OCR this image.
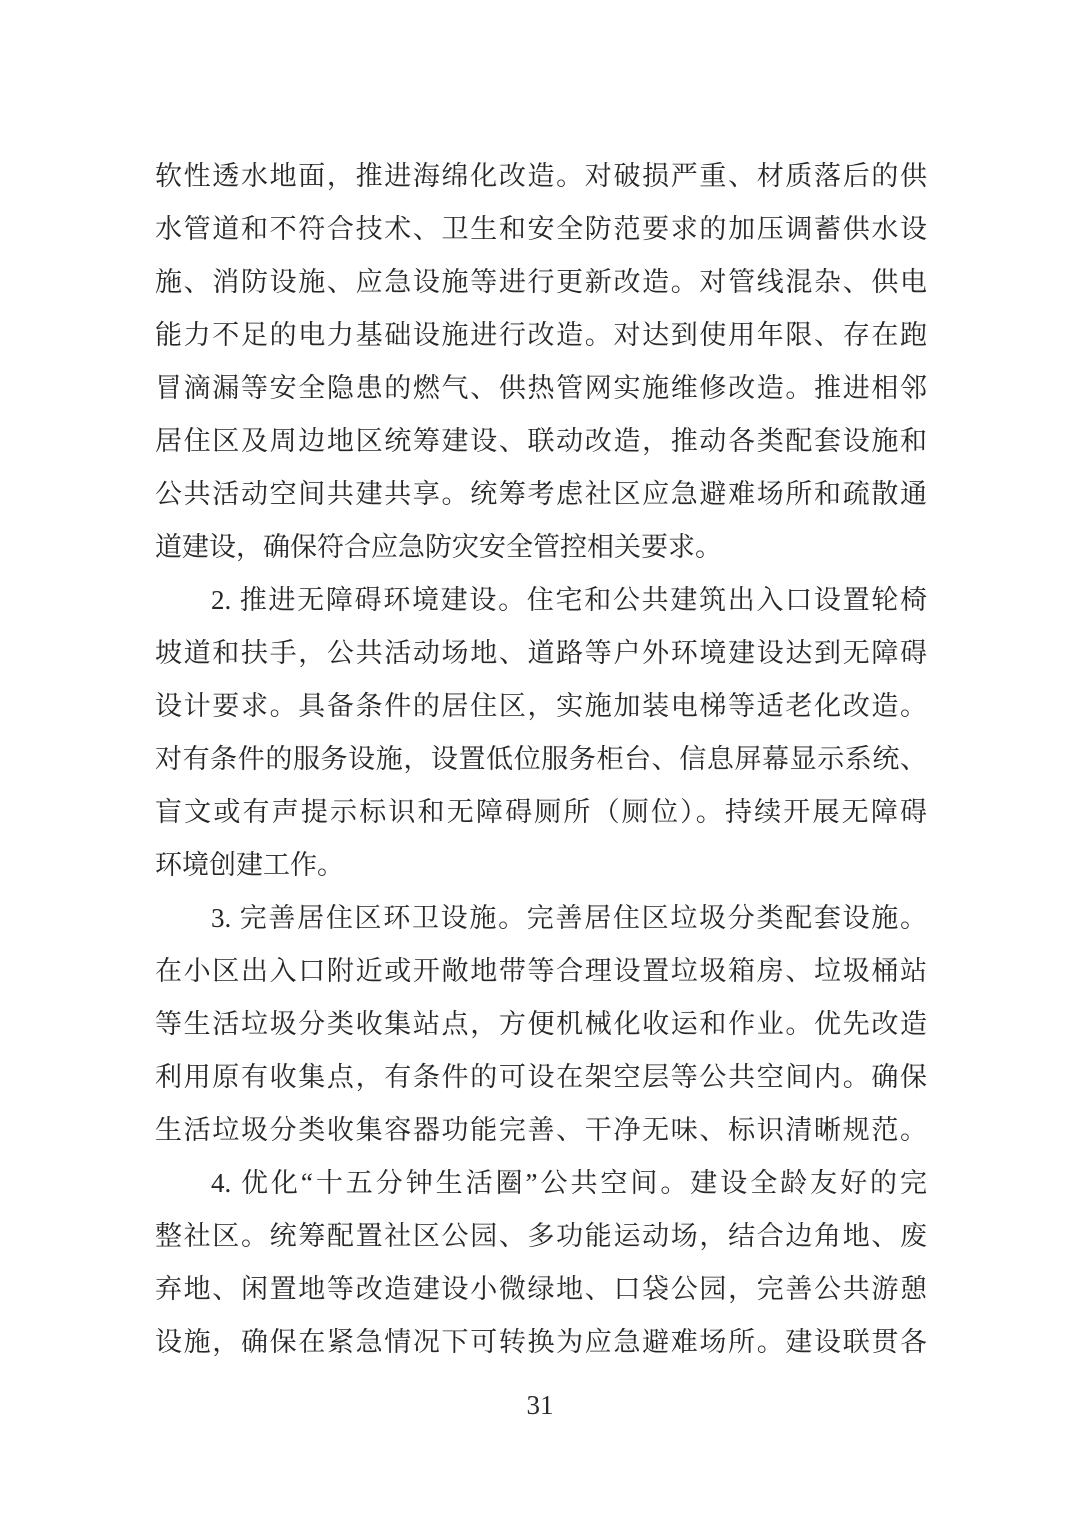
软性透水地面，推进海绵化改造。对破损严重、材质落后的供
水管道和不符合技术、卫生和安全防范要求的加压调蓄供水设
施、消防设施、应急设施等进行更新改造。对管线混杂、供电
能力不足的电力基础设施进行改造。对达到使用年限、存在跑
冒滴漏等安全隐患的燃气、供热管网实施维修改造。推进相邻
居住区及周边地区统筹建设、联动改造，推动各类配套设施和
公共活动空间共建共享。统筹考虑社区应急避难场所和疏散通
道建设，确保符合应急防灾安全管控相关要求。
2. 推进无障碍环境建设。住宅和公共建筑出入口设置轮椅
坡道和扶手，公共活动场地、道路等户外环境建设达到无障碍
设计要求。具备条件的居住区，实施加装电梯等适老化改造。
对有条件的服务设施，设置低位服务柜台、信息屏幕显示系统、
盲文或有声提示标识和无障碍厕所（厕位）。持续开展无障碍
环境创建工作。
3. 完善居住区环卫设施。完善居住区垃圾分类配套设施。
在小区出入口附近或开敞地带等合理设置垃圾箱房、垃圾桶站
等生活垃圾分类收集站点，方便机械化收运和作业。优先改造
利用原有收集点，有条件的可设在架空层等公共空间内。确保
生活垃圾分类收集容器功能完善、干净无味、标识清晰规范。
4. 优化“十五分钟生活圈”公共空间。建设全龄友好的完
整社区。统筹配置社区公园、多功能运动场，结合边角地、废
弃地、闲置地等改造建设小微绿地、口袋公园，完善公共游憩
设施，确保在紧急情况下可转换为应急避难场所。建设联贯各
31
